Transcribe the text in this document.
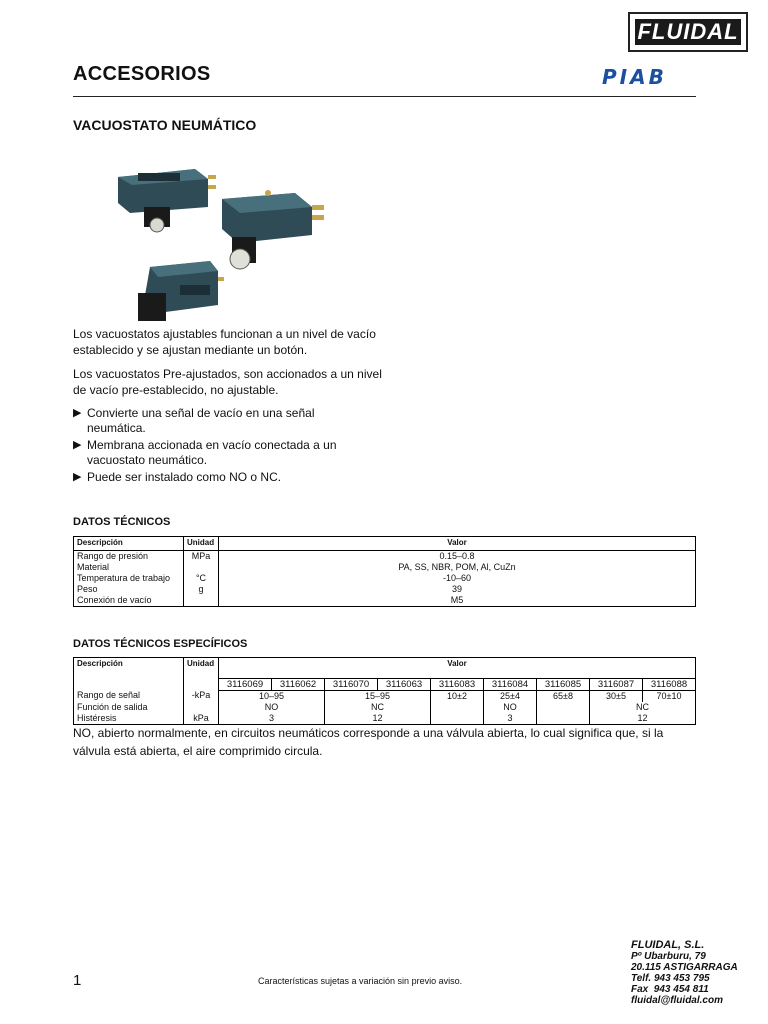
FLUIDAL
ACCESORIOS	PIAB
VACUOSTATO NEUMÁTICO
Los vacuostatos ajustables funcionan a un nivel de vacío establecido y se ajustan mediante un botón.
Los vacuostatos Pre-ajustados, son accionados a un nivel de vacío pre-establecido, no ajustable.
▶ Convierte una señal de vacío en una señal neumática.
▶ Membrana accionada en vacío conectada a un vacuostato neumático.
▶ Puede ser instalado como NO o NC.
DATOS TÉCNICOS
Descripción	Unidad	Valor
Rango de presión	MPa	0.15–0.8
Material		PA, SS, NBR, POM, Al, CuZn
Temperatura de trabajo	°C	-10–60
Peso	g	39
Conexión de vacío		M5
DATOS TÉCNICOS ESPECÍFICOS
Descripción	Unidad	Valor								
		3116069	3116062	3116070	3116063	3116083	3116084	3116085	3116087	3116088
Rango de señal	-kPa	10–95		15–95		10±2	25±4	65±8	30±5	70±10
Función de salida		NO		NC			NO		NC	
Histéresis	kPa	3		12			3		12	
NO, abierto normalmente, en circuitos neumáticos corresponde a una válvula abierta, lo cual significa que, si la válvula está abierta, el aire comprimido circula.
1	Características sujetas a variación sin previo aviso.
FLUIDAL, S.L.
Pº Ubarburu, 79
20.115 ASTIGARRAGA
Telf. 943 453 795
Fax  943 454 811
fluidal@fluidal.com
